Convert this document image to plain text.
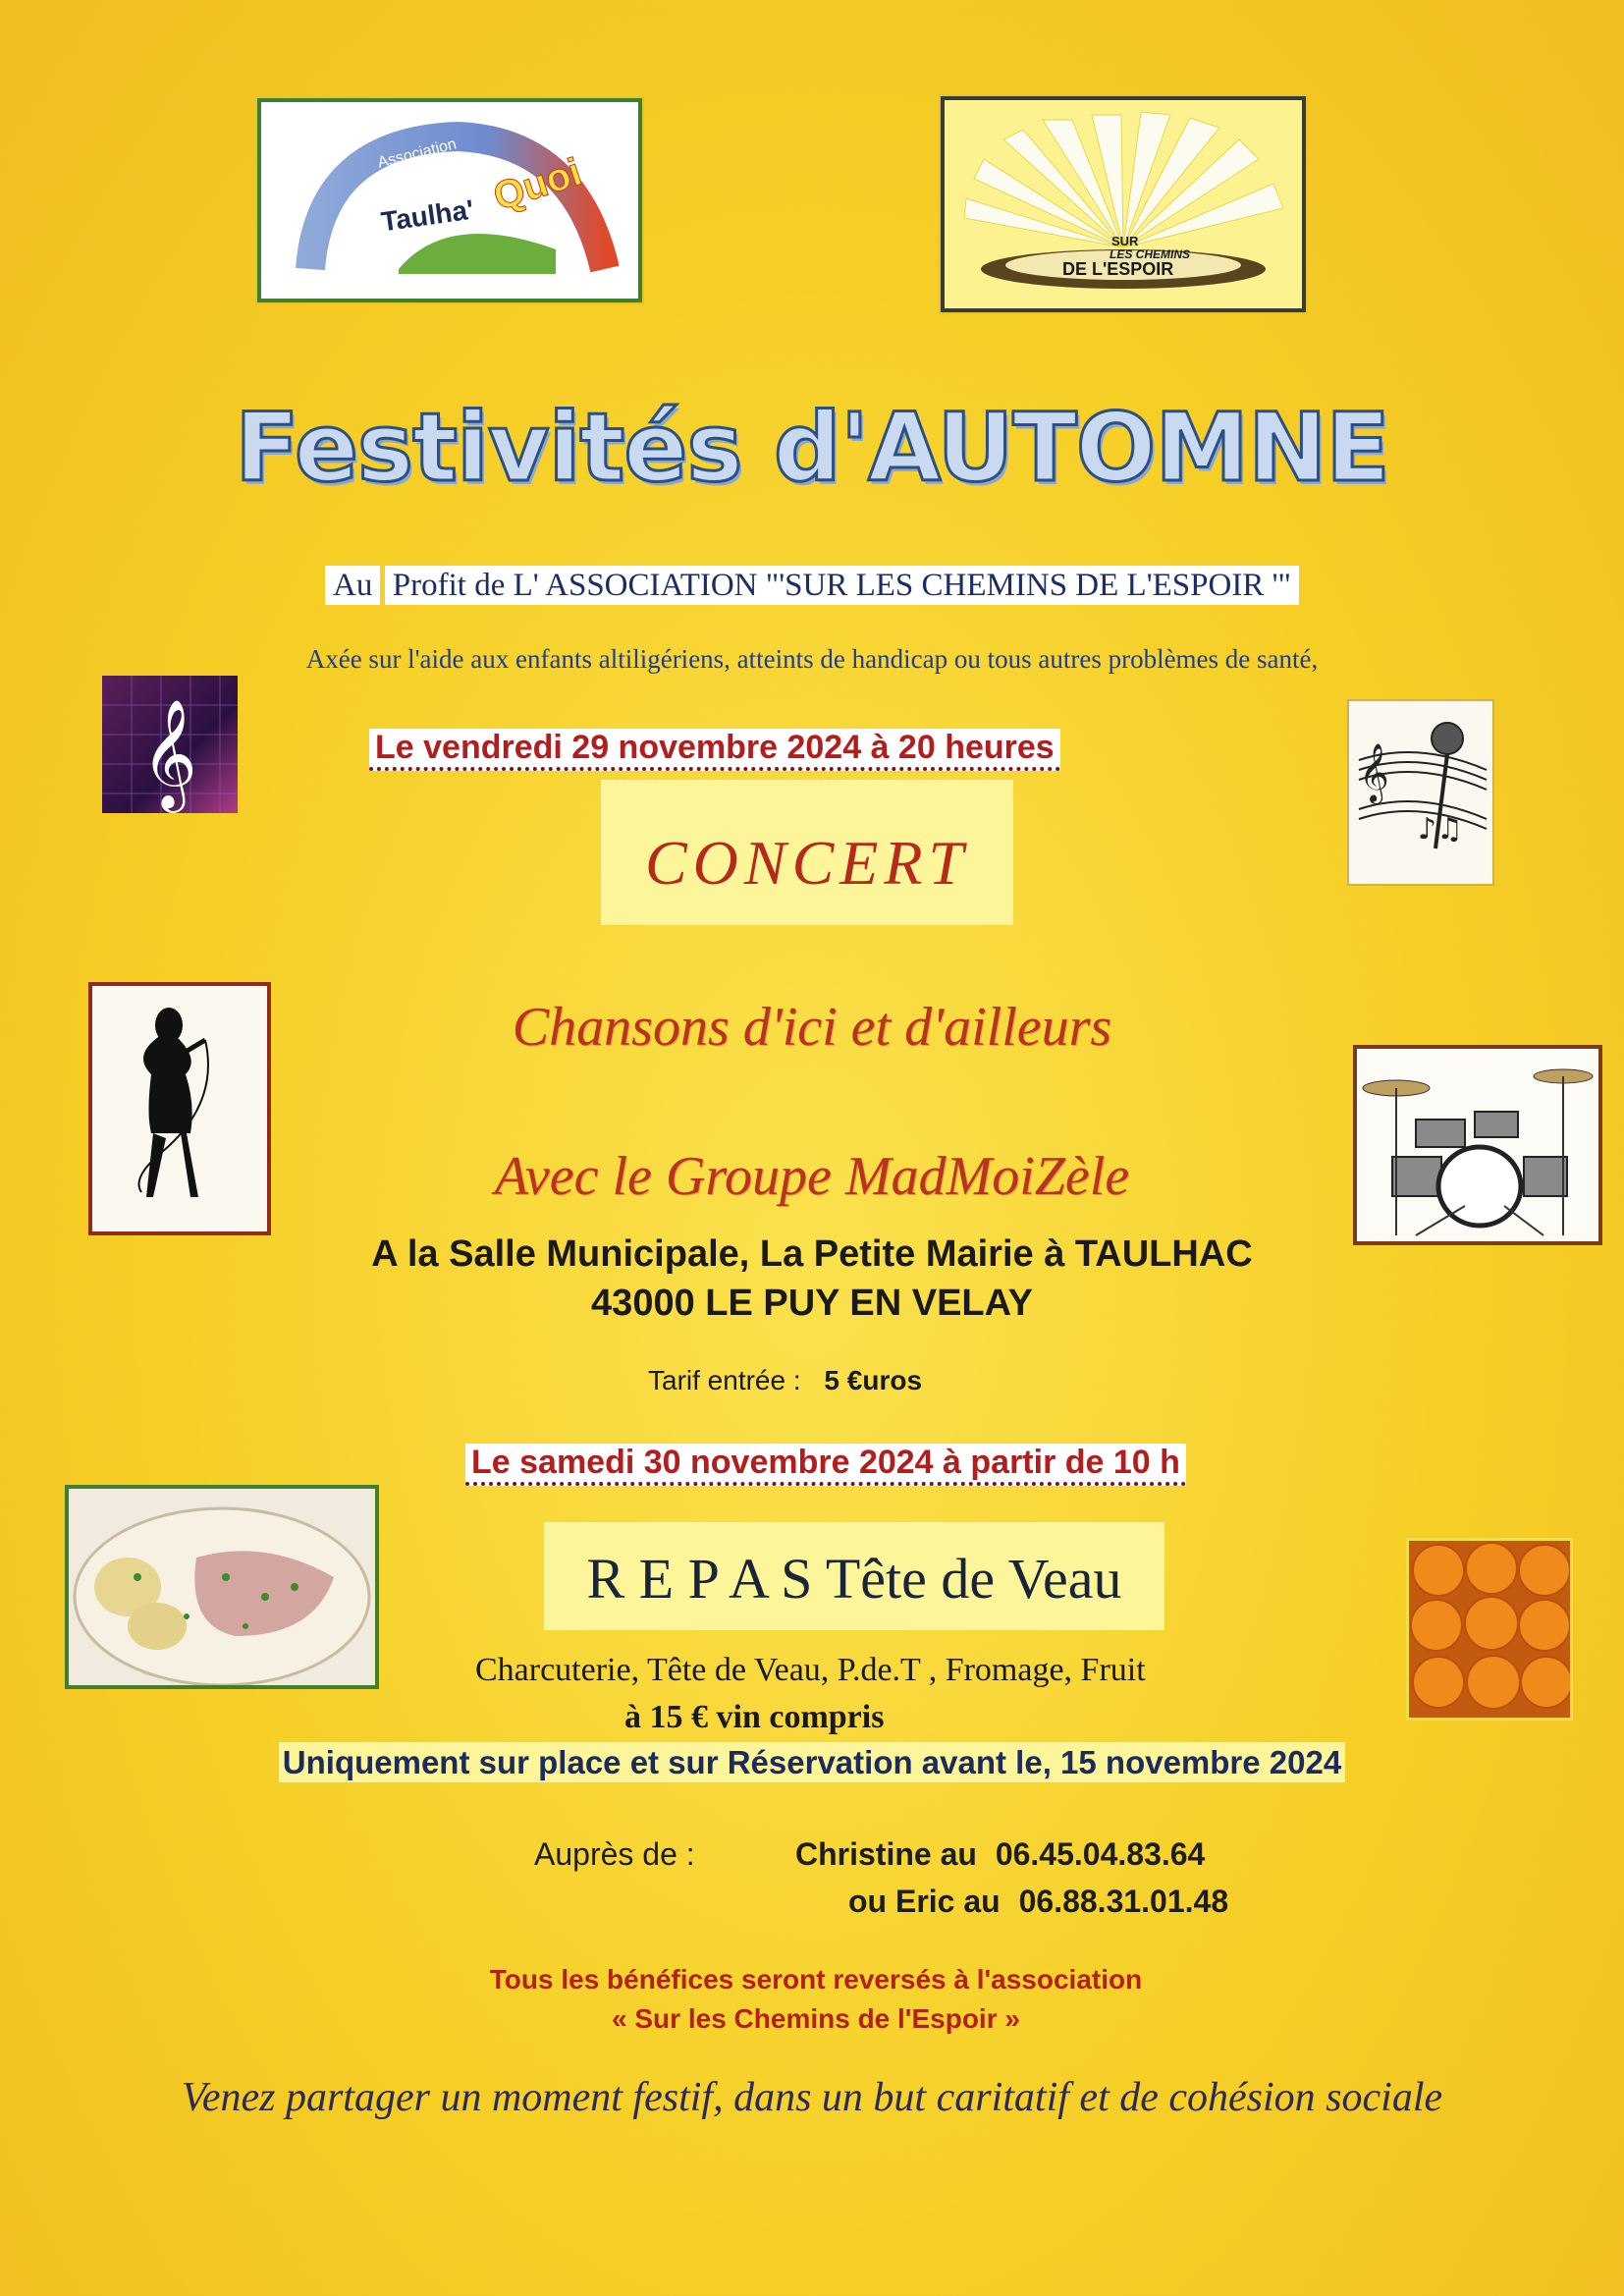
Association
Taulha' Quoi
SUR
LES CHEMINS
DE L'ESPOIR
Festivités d'AUTOMNE
Au Profit de L' ASSOCIATION "'SUR LES CHEMINS DE L'ESPOIR '"
Axée sur l'aide aux enfants altiligériens, atteints de handicap ou tous autres problèmes de santé,
𝄞	Le vendredi 29 novembre 2024 à 20 heures
CONCERT
𝄞
♪♫
Chansons d'ici et d'ailleurs
Avec le Groupe MadMoiZèle
A la Salle Municipale, La Petite Mairie à TAULHAC
43000 LE PUY EN VELAY
Tarif entrée : 5 €uros
Le samedi 30 novembre 2024 à partir de 10 h
R E P A S Tête de Veau
Charcuterie, Tête de Veau, P.de.T , Fromage, Fruit
à 15 € vin compris
Uniquement sur place et sur Réservation avant le, 15 novembre 2024
Auprès de :	Christine au 06.45.04.83.64
ou Eric au 06.88.31.01.48
Tous les bénéfices seront reversés à l'association
« Sur les Chemins de l'Espoir »
Venez partager un moment festif, dans un but caritatif et de cohésion sociale
